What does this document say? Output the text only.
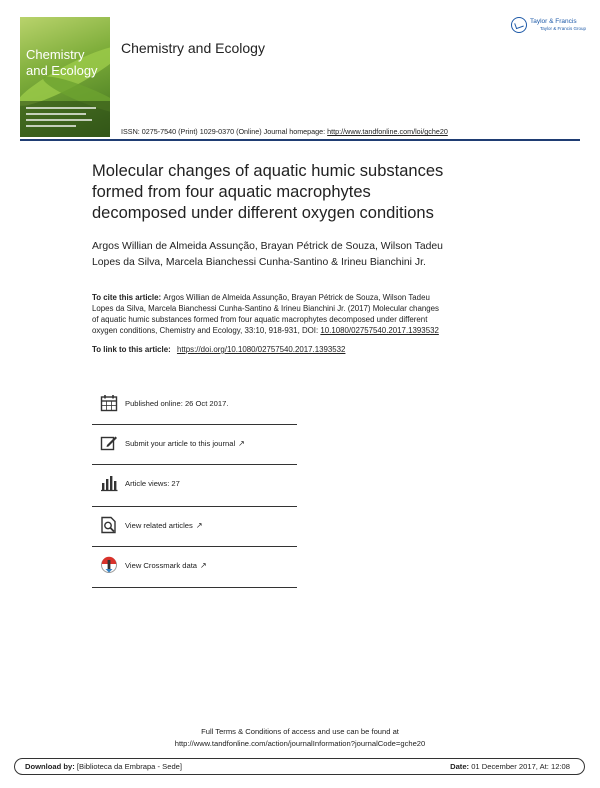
Chemistry
and Ecology
Chemistry and Ecology
ISSN: 0275-7540 (Print) 1029-0370 (Online) Journal homepage: http://www.tandfonline.com/loi/gche20
Taylor & Francis
Taylor & Francis Group
Molecular changes of aquatic humic substances
formed from four aquatic macrophytes
decomposed under different oxygen conditions
Argos Willian de Almeida Assunção, Brayan Pétrick de Souza, Wilson Tadeu
Lopes da Silva, Marcela Bianchessi Cunha-Santino & Irineu Bianchini Jr.
To cite this article: Argos Willian de Almeida Assunção, Brayan Pétrick de Souza, Wilson Tadeu
Lopes da Silva, Marcela Bianchessi Cunha-Santino & Irineu Bianchini Jr. (2017) Molecular changes
of aquatic humic substances formed from four aquatic macrophytes decomposed under different
oxygen conditions, Chemistry and Ecology, 33:10, 918-931, DOI: 10.1080/02757540.2017.1393532
To link to this article: https://doi.org/10.1080/02757540.2017.1393532
Published online: 26 Oct 2017.
Submit your article to this journal ↗
Article views: 27
View related articles ↗
View Crossmark data ↗
Full Terms & Conditions of access and use can be found at
http://www.tandfonline.com/action/journalInformation?journalCode=gche20
Download by: [Biblioteca da Embrapa - Sede]	Date: 01 December 2017, At: 12:08
